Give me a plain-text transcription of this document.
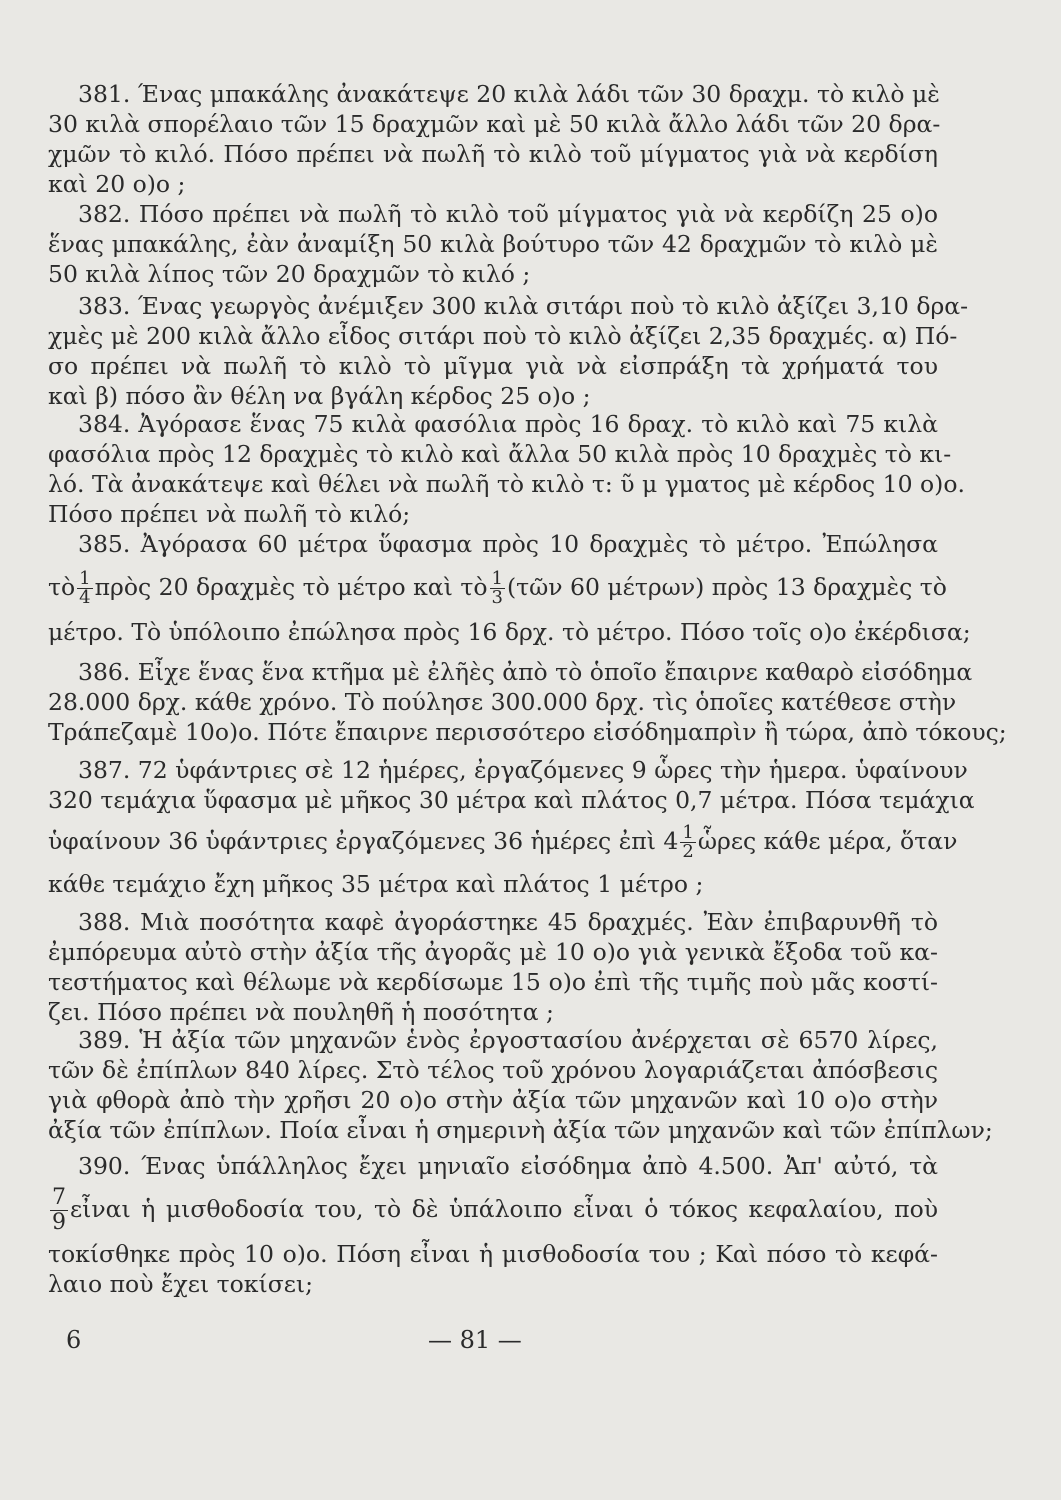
381. Ένας μπακάλης ἀνακάτεψε 20 κιλὰ λάδι τῶν 30 δραχμ. τὸ κιλὸ μὲ
30 κιλὰ σπορέλαιο τῶν 15 δραχμῶν καὶ μὲ 50 κιλὰ ἄλλο λάδι τῶν 20 δρα-
χμῶν τὸ κιλό. Πόσο πρέπει νὰ πωλῆ τὸ κιλὸ τοῦ μίγματος γιὰ νὰ κερδίση
καὶ 20 ο)ο ;
382. Πόσο πρέπει νὰ πωλῆ τὸ κιλὸ τοῦ μίγματος γιὰ νὰ κερδίζη 25 ο)ο
ἕνας μπακάλης, ἐὰν ἀναμίξη 50 κιλὰ βούτυρο τῶν 42 δραχμῶν τὸ κιλὸ μὲ
50 κιλὰ λίπος τῶν 20 δραχμῶν τὸ κιλό ;
383. Ένας γεωργὸς ἀνέμιξεν 300 κιλὰ σιτάρι ποὺ τὸ κιλὸ ἀξίζει 3,10 δρα-
χμὲς μὲ 200 κιλὰ ἄλλο εἶδος σιτάρι ποὺ τὸ κιλὸ ἀξίζει 2,35 δραχμές. α) Πό-
σο πρέπει νὰ πωλῆ τὸ κιλὸ τὸ μῖγμα γιὰ νὰ εἰσπράξη τὰ χρήματά του
καὶ β) πόσο ἂν θέλη να βγάλη κέρδος 25 ο)ο ;
384. Ἀγόρασε ἕνας 75 κιλὰ φασόλια πρὸς 16 δραχ. τὸ κιλὸ καὶ 75 κιλὰ
φασόλια πρὸς 12 δραχμὲς τὸ κιλὸ καὶ ἄλλα 50 κιλὰ πρὸς 10 δραχμὲς τὸ κι-
λό. Τὰ ἀνακάτεψε καὶ θέλει νὰ πωλῆ τὸ κιλὸ τ: ῦ μ γματος μὲ κέρδος 10 ο)ο.
Πόσο πρέπει νὰ πωλῆ τὸ κιλό;
385. Ἀγόρασα 60 μέτρα ὕφασμα πρὸς 10 δραχμὲς τὸ μέτρο. Ἐπώλησα
τὸ $\frac{1}{4}$ πρὸς 20 δραχμὲς τὸ μέτρο καὶ τὸ $\frac{1}{3}$ (τῶν 60 μέτρων) πρὸς 13 δραχμὲς τὸ
μέτρο. Τὸ ὑπόλοιπο ἐπώλησα πρὸς 16 δρχ. τὸ μέτρο. Πόσο τοῖς ο)ο ἐκέρδισα;
386. Εἶχε ἕνας ἕνα κτῆμα μὲ ἐλῆὲς ἀπὸ τὸ ὁποῖο ἔπαιρνε καθαρὸ εἰσόδημα
28.000 δρχ. κάθε χρόνο. Τὸ πούλησε 300.000 δρχ. τὶς ὁποῖες κατέθεσε στὴν
Τράπεζαμὲ 10ο)ο. Πότε ἔπαιρνε περισσότερο εἰσόδημαπρὶν ἢ τώρα, ἀπὸ τόκους;
387. 72 ὑφάντριες σὲ 12 ἡμέρες, ἐργαζόμενες 9 ὧρες τὴν ἡμερα. ὑφαίνουν
320 τεμάχια ὕφασμα μὲ μῆκος 30 μέτρα καὶ πλάτος 0,7 μέτρα. Πόσα τεμάχια
ὑφαίνουν 36 ὑφάντριες ἐργαζόμενες 36 ἡμέρες ἐπὶ $4 \frac{1}{2}$ ὧρες κάθε μέρα, ὅταν
κάθε τεμάχιο ἔχη μῆκος 35 μέτρα καὶ πλάτος 1 μέτρο ;
388. Μιὰ ποσότητα καφὲ ἀγοράστηκε 45 δραχμές. Ἐὰν ἐπιβαρυνθῆ τὸ
ἐμπόρευμα αὐτὸ στὴν ἀξία τῆς ἀγορᾶς μὲ 10 ο)ο γιὰ γενικὰ ἔξοδα τοῦ κα-
τεστήματος καὶ θέλωμε νὰ κερδίσωμε 15 ο)ο ἐπὶ τῆς τιμῆς ποὺ μᾶς κοστί-
ζει. Πόσο πρέπει νὰ πουληθῆ ἡ ποσότητα ;
389. Ἡ ἀξία τῶν μηχανῶν ἑνὸς ἐργοστασίου ἀνέρχεται σὲ 6570 λίρες,
τῶν δὲ ἐπίπλων 840 λίρες. Στὸ τέλος τοῦ χρόνου λογαριάζεται ἀπόσβεσις
γιὰ φθορὰ ἀπὸ τὴν χρῆσι 20 ο)ο στὴν ἀξία τῶν μηχανῶν καὶ 10 ο)ο στὴν
ἀξία τῶν ἐπίπλων. Ποία εἶναι ἡ σημερινὴ ἀξία τῶν μηχανῶν καὶ τῶν ἐπίπλων;
390. Ένας ὑπάλληλος ἔχει μηνιαῖο εἰσόδημα ἀπὸ 4.500. Ἀπ' αὐτό, τὰ
$\frac{7}{9}$ εἶναι ἡ μισθοδοσία του, τὸ δὲ ὑπάλοιπο εἶναι ὁ τόκος κεφαλαίου, ποὺ
τοκίσθηκε πρὸς 10 ο)ο. Πόση εἶναι ἡ μισθοδοσία του ; Καὶ πόσο τὸ κεφά-
λαιο ποὺ ἔχει τοκίσει;
6	— 81 —
